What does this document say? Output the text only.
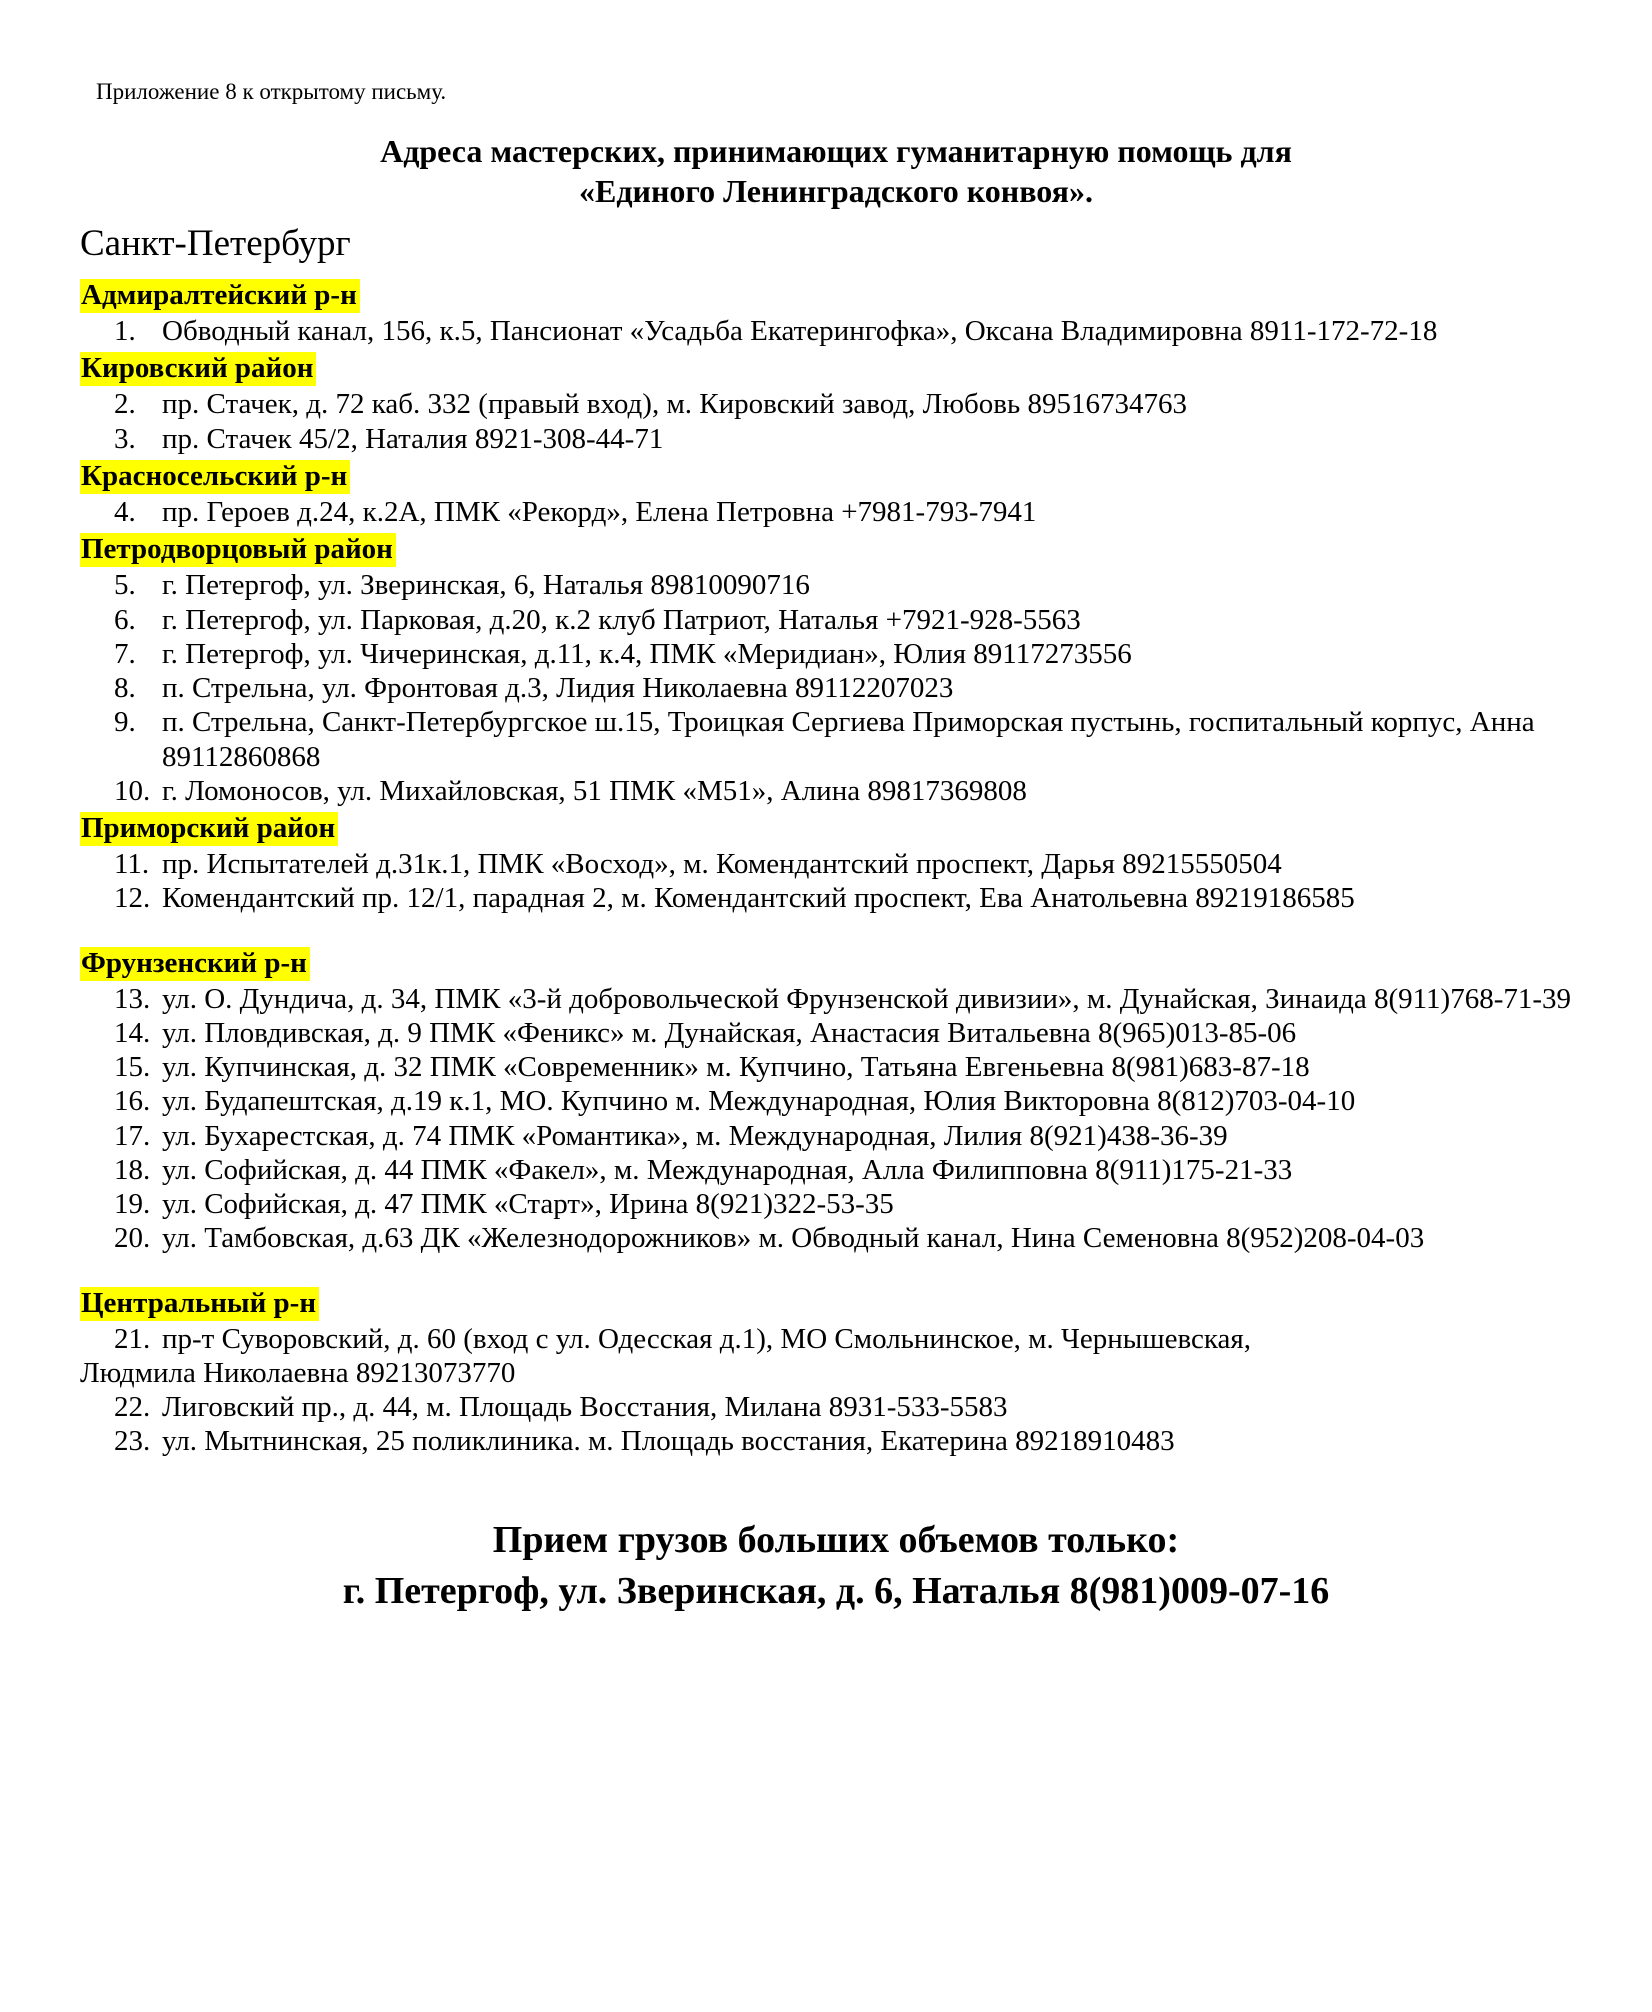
Приложение 8 к открытому письму.
Адреса мастерских, принимающих гуманитарную помощь для
«Единого Ленинградского конвоя».
Санкт-Петербург
Адмиралтейский р-н
1. Обводный канал, 156, к.5, Пансионат «Усадьба Екатерингофка», Оксана Владимировна 8911-172-72-18
Кировский район
2. пр. Стачек, д. 72 каб. 332 (правый вход), м. Кировский завод, Любовь 89516734763
3. пр. Стачек 45/2, Наталия 8921-308-44-71
Красносельский р-н
4. пр. Героев д.24, к.2А, ПМК «Рекорд», Елена Петровна +7981-793-7941
Петродворцовый район
5. г. Петергоф, ул. Зверинская, 6, Наталья 89810090716
6. г. Петергоф, ул. Парковая, д.20, к.2 клуб Патриот, Наталья +7921-928-5563
7. г. Петергоф, ул. Чичеринская, д.11, к.4, ПМК «Меридиан», Юлия 89117273556
8. п. Стрельна, ул. Фронтовая д.3, Лидия Николаевна 89112207023
9. п. Стрельна, Санкт-Петербургское ш.15, Троицкая Сергиева Приморская пустынь, госпитальный корпус, Анна 89112860868
10. г. Ломоносов, ул. Михайловская, 51 ПМК «М51», Алина 89817369808
Приморский район
11. пр. Испытателей д.31к.1, ПМК «Восход», м. Комендантский проспект, Дарья 89215550504
12. Комендантский пр. 12/1, парадная 2, м. Комендантский проспект, Ева Анатольевна 89219186585
Фрунзенский р-н
13. ул. О. Дундича, д. 34, ПМК «3-й добровольческой Фрунзенской дивизии», м. Дунайская, Зинаида 8(911)768-71-39
14. ул. Пловдивская, д. 9 ПМК «Феникс» м. Дунайская, Анастасия Витальевна 8(965)013-85-06
15. ул. Купчинская, д. 32 ПМК «Современник» м. Купчино, Татьяна Евгеньевна 8(981)683-87-18
16. ул. Будапештская, д.19 к.1, МО. Купчино м. Международная, Юлия Викторовна 8(812)703-04-10
17. ул. Бухарестская, д. 74 ПМК «Романтика», м. Международная, Лилия 8(921)438-36-39
18. ул. Софийская, д. 44 ПМК «Факел», м. Международная, Алла Филипповна 8(911)175-21-33
19. ул. Софийская, д. 47 ПМК «Старт», Ирина 8(921)322-53-35
20. ул. Тамбовская, д.63 ДК «Железнодорожников» м. Обводный канал, Нина Семеновна 8(952)208-04-03
Центральный р-н
21. пр-т Суворовский, д. 60 (вход с ул. Одесская д.1), МО Смольнинское, м. Чернышевская,
Людмила Николаевна 89213073770
22. Лиговский пр., д. 44, м. Площадь Восстания, Милана 8931-533-5583
23. ул. Мытнинская, 25 поликлиника. м. Площадь восстания, Екатерина 89218910483
Прием грузов больших объемов только:
г. Петергоф, ул. Зверинская, д. 6, Наталья 8(981)009-07-16
